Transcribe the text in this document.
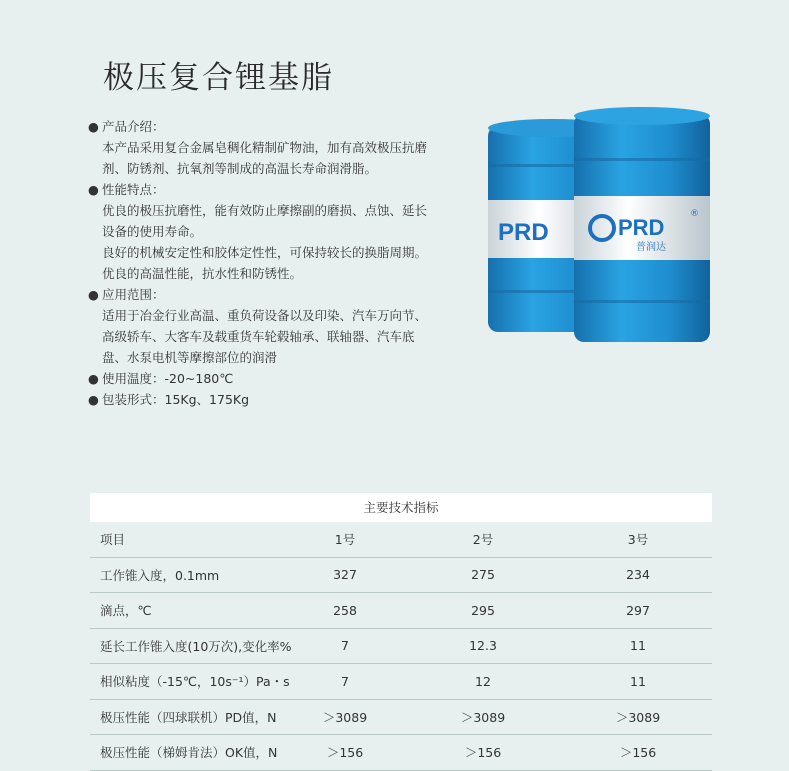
极压复合锂基脂
● 产品介绍：
本产品采用复合金属皂稠化精制矿物油，加有高效极压抗磨
剂、防锈剂、抗氧剂等制成的高温长寿命润滑脂。
● 性能特点：
优良的极压抗磨性，能有效防止摩擦副的磨损、点蚀、延长
设备的使用寿命。
良好的机械安定性和胶体定性性，可保持较长的换脂周期。
优良的高温性能，抗水性和防锈性。
● 应用范围：
适用于冶金行业高温、重负荷设备以及印染、汽车万向节、
高级轿车、大客车及载重货车轮毂轴承、联轴器、汽车底
盘、水泵电机等摩擦部位的润滑
● 使用温度：-20~180℃
● 包装形式：15Kg、175Kg
PRD	PRD
普润达
®
主要技术指标
项目	1号	2号	3号
工作锥入度，0.1mm	327	275	234
滴点，℃	258	295	297
延长工作锥入度(10万次),变化率%	7	12.3	11
相似粘度（-15℃，10s⁻¹）Pa・s	7	12	11
极压性能（四球联机）PD值，N	＞3089	＞3089	＞3089
极压性能（梯姆肯法）OK值，N	＞156	＞156	＞156
